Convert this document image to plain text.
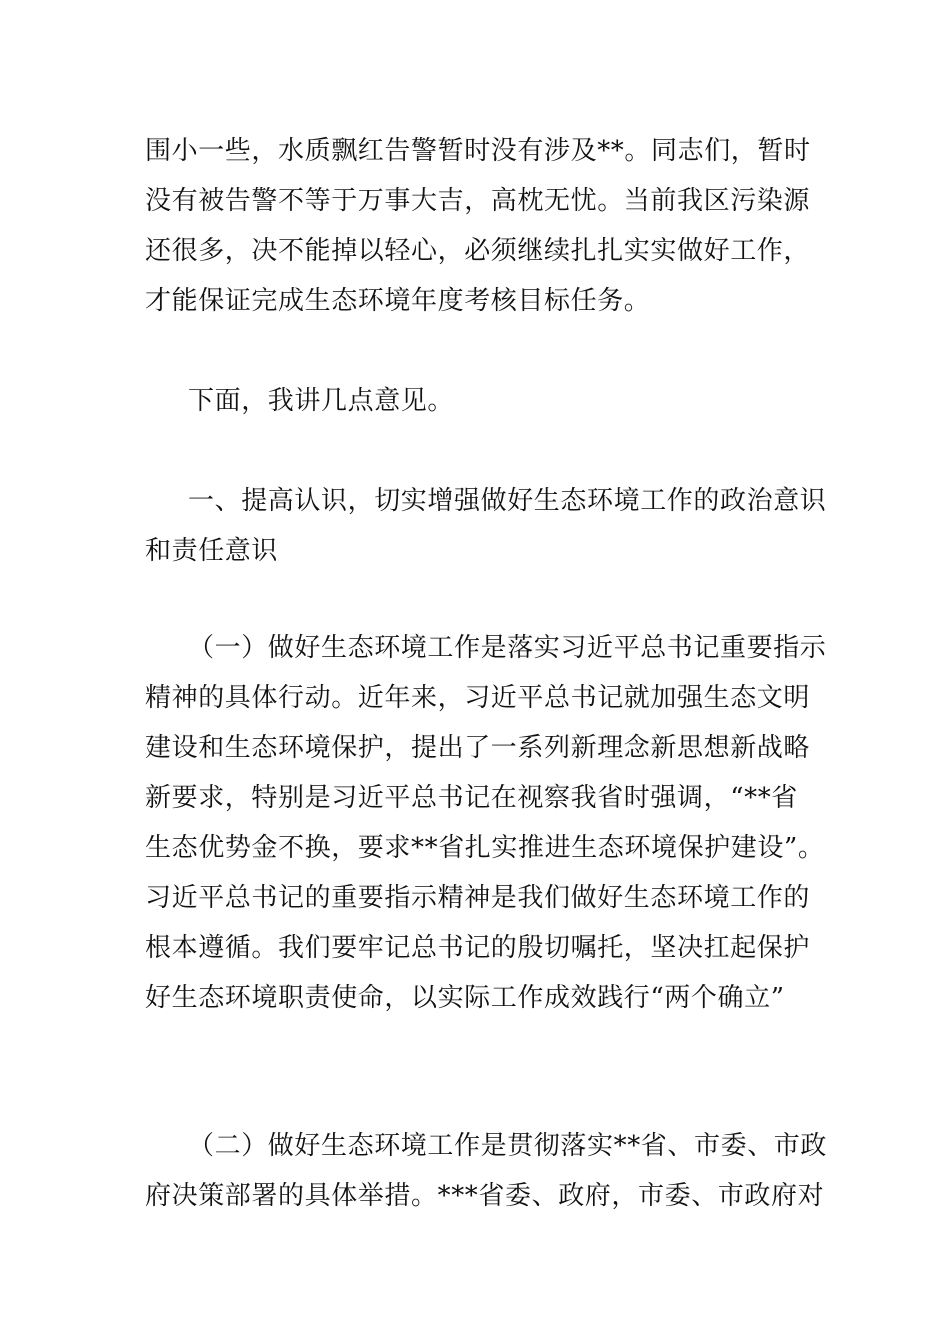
围小一些，水质飘红告警暂时没有涉及**。同志们，暂时
没有被告警不等于万事大吉，高枕无忧。当前我区污染源
还很多，决不能掉以轻心，必须继续扎扎实实做好工作，
才能保证完成生态环境年度考核目标任务。
下面，我讲几点意见。
一、提高认识，切实增强做好生态环境工作的政治意识
和责任意识
（一）做好生态环境工作是落实习近平总书记重要指示
精神的具体行动。近年来，习近平总书记就加强生态文明
建设和生态环境保护，提出了一系列新理念新思想新战略
新要求，特别是习近平总书记在视察我省时强调，“**省
生态优势金不换，要求**省扎实推进生态环境保护建设”。
习近平总书记的重要指示精神是我们做好生态环境工作的
根本遵循。我们要牢记总书记的殷切嘱托，坚决扛起保护
好生态环境职责使命，以实际工作成效践行“两个确立”
（二）做好生态环境工作是贯彻落实**省、市委、市政
府决策部署的具体举措。***省委、政府，市委、市政府对
